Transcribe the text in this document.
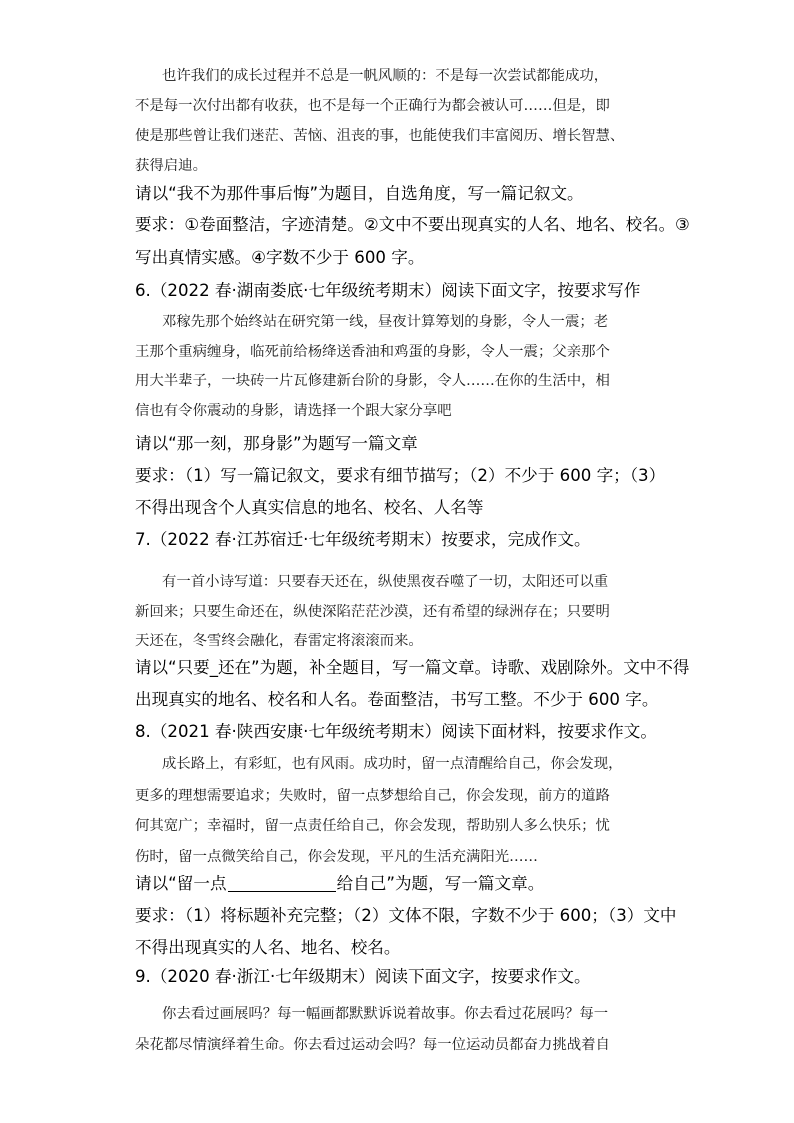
也许我们的成长过程并不总是一帆风顺的：不是每一次尝试都能成功，
不是每一次付出都有收获，也不是每一个正确行为都会被认可……但是，即
使是那些曾让我们迷茫、苦恼、沮丧的事，也能使我们丰富阅历、增长智慧、
获得启迪。
请以“我不为那件事后悔”为题目，自选角度，写一篇记叙文。
要求：①卷面整洁，字迹清楚。②文中不要出现真实的人名、地名、校名。③
写出真情实感。④字数不少于 600 字。
6.（2022 春·湖南娄底·七年级统考期末）阅读下面文字，按要求写作
邓稼先那个始终站在研究第一线，昼夜计算筹划的身影，令人一震；老
王那个重病缠身，临死前给杨绛送香油和鸡蛋的身影，令人一震；父亲那个
用大半辈子，一块砖一片瓦修建新台阶的身影，令人……在你的生活中，相
信也有令你震动的身影，请选择一个跟大家分享吧
请以“那一刻，那身影”为题写一篇文章
要求：（1）写一篇记叙文，要求有细节描写；（2）不少于 600 字；（3）
不得出现含个人真实信息的地名、校名、人名等
7.（2022 春·江苏宿迁·七年级统考期末）按要求，完成作文。
有一首小诗写道：只要春天还在，纵使黑夜吞噬了一切，太阳还可以重
新回来；只要生命还在，纵使深陷茫茫沙漠，还有希望的绿洲存在；只要明
天还在，冬雪终会融化，春雷定将滚滚而来。
请以“只要_还在”为题，补全题目，写一篇文章。诗歌、戏剧除外。文中不得
出现真实的地名、校名和人名。卷面整洁，书写工整。不少于 600 字。
8.（2021 春·陕西安康·七年级统考期末）阅读下面材料，按要求作文。
成长路上，有彩虹，也有风雨。成功时，留一点清醒给自己，你会发现，
更多的理想需要追求；失败时，留一点梦想给自己，你会发现，前方的道路
何其宽广；幸福时，留一点责任给自己，你会发现，帮助别人多么快乐；忧
伤时，留一点微笑给自己，你会发现，平凡的生活充满阳光……
请以“留一点	给自己”为题，写一篇文章。
要求：（1）将标题补充完整；（2）文体不限，字数不少于 600；（3）文中
不得出现真实的人名、地名、校名。
9.（2020 春·浙江·七年级期末）阅读下面文字，按要求作文。
你去看过画展吗？每一幅画都默默诉说着故事。你去看过花展吗？每一
朵花都尽情演绎着生命。你去看过运动会吗？每一位运动员都奋力挑战着自
